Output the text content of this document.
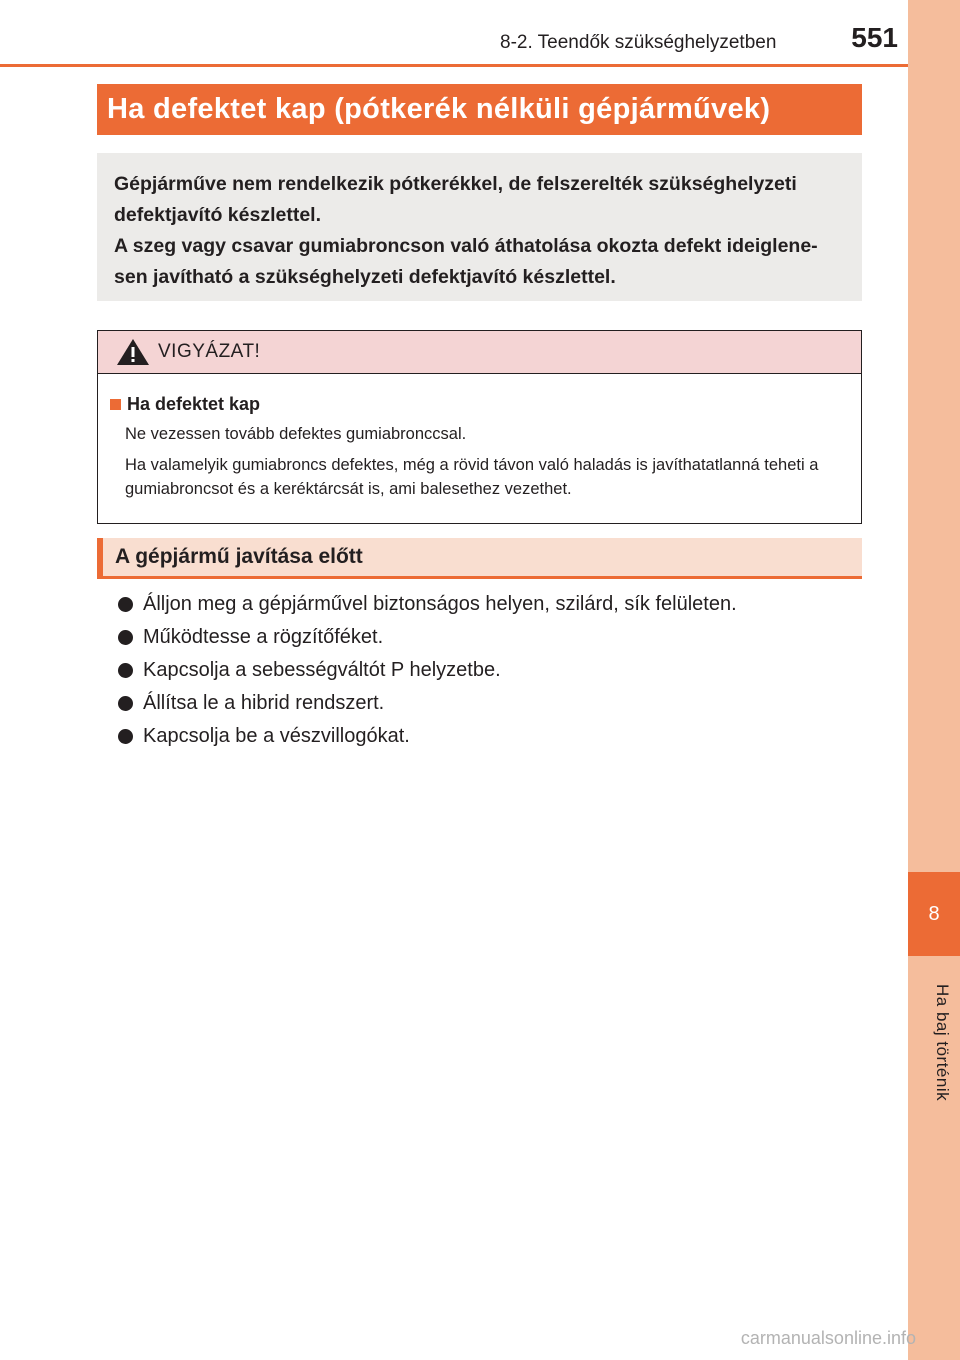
8
Ha baj történik
8-2. Teendők szükséghelyzetben	551
Ha defektet kap (pótkerék nélküli gépjárművek)

Gépjárműve nem rendelkezik pótkerékkel, de felszerelték szükséghelyzeti defektjavító készlettel.

A szeg vagy csavar gumiabroncson való áthatolása okozta defekt ideiglene-sen javítható a szükséghelyzeti defektjavító készlettel.

VIGYÁZAT!
Ha defektet kap

Ne vezessen tovább defektes gumiabronccsal.

Ha valamelyik gumiabroncs defektes, még a rövid távon való haladás is javíthatatlanná teheti a gumiabroncsot és a keréktárcsát is, ami balesethez vezethet.

A gépjármű javítása előtt
Álljon meg a gépjárművel biztonságos helyen, szilárd, sík felületen.
Működtesse a rögzítőféket.
Kapcsolja a sebességváltót P helyzetbe.
Állítsa le a hibrid rendszert.
Kapcsolja be a vészvillogókat.
carmanualsonline.info
